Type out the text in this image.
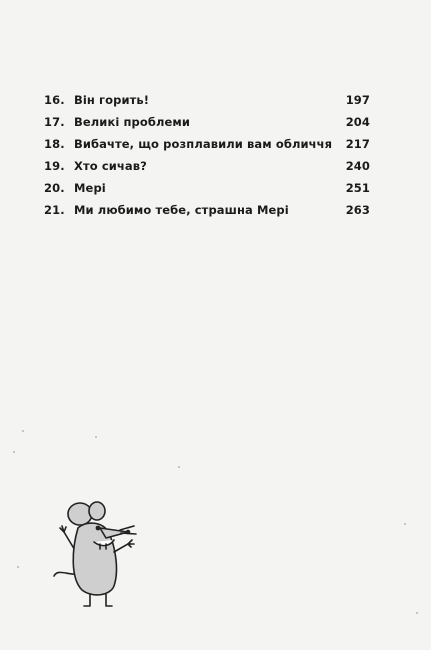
16. Він горить!	197
17. Великі проблеми	204
18. Вибачте, що розплавили вам обличчя	217
19. Хто сичав?	240
20. Мері	251
21. Ми любимо тебе, страшна Мері	263
